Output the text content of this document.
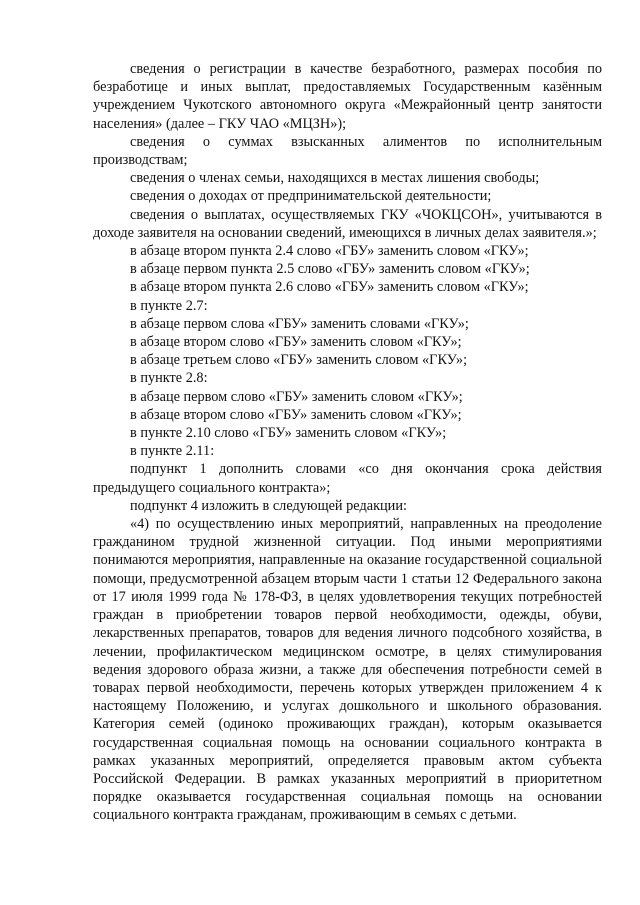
сведения о регистрации в качестве безработного, размерах пособия по безработице и иных выплат, предоставляемых Государственным казённым учреждением Чукотского автономного округа «Межрайонный центр занятости населения» (далее – ГКУ ЧАО «МЦЗН»);

сведения о суммах взысканных алиментов по исполнительным производствам;

сведения о членах семьи, находящихся в местах лишения свободы;

сведения о доходах от предпринимательской деятельности;

сведения о выплатах, осуществляемых ГКУ «ЧОКЦСОН», учитываются в доходе заявителя на основании сведений, имеющихся в личных делах заявителя.»;

в абзаце втором пункта 2.4 слово «ГБУ» заменить словом «ГКУ»;

в абзаце первом пункта 2.5 слово «ГБУ» заменить словом «ГКУ»;

в абзаце втором пункта 2.6 слово «ГБУ» заменить словом «ГКУ»;

в пункте 2.7:

в абзаце первом слова «ГБУ» заменить словами «ГКУ»;

в абзаце втором слово «ГБУ» заменить словом «ГКУ»;

в абзаце третьем слово «ГБУ» заменить словом «ГКУ»;

в пункте 2.8:

в абзаце первом слово «ГБУ» заменить словом «ГКУ»;

в абзаце втором слово «ГБУ» заменить словом «ГКУ»;

в пункте 2.10 слово «ГБУ» заменить словом «ГКУ»;

в пункте 2.11:

подпункт 1 дополнить словами «со дня окончания срока действия предыдущего социального контракта»;

подпункт 4 изложить в следующей редакции:

«4) по осуществлению иных мероприятий, направленных на преодоление гражданином трудной жизненной ситуации. Под иными мероприятиями понимаются мероприятия, направленные на оказание государственной социальной помощи, предусмотренной абзацем вторым части 1 статьи 12 Федерального закона от 17 июля 1999 года № 178-ФЗ, в целях удовлетворения текущих потребностей граждан в приобретении товаров первой необходимости, одежды, обуви, лекарственных препаратов, товаров для ведения личного подсобного хозяйства, в лечении, профилактическом медицинском осмотре, в целях стимулирования ведения здорового образа жизни, а также для обеспечения потребности семей в товарах первой необходимости, перечень которых утвержден приложением 4 к настоящему Положению, и услугах дошкольного и школьного образования. Категория семей (одиноко проживающих граждан), которым оказывается государственная социальная помощь на основании социального контракта в рамках указанных мероприятий, определяется правовым актом субъекта Российской Федерации. В рамках указанных мероприятий в приоритетном порядке оказывается государственная социальная помощь на основании социального контракта гражданам, проживающим в семьях с детьми.
